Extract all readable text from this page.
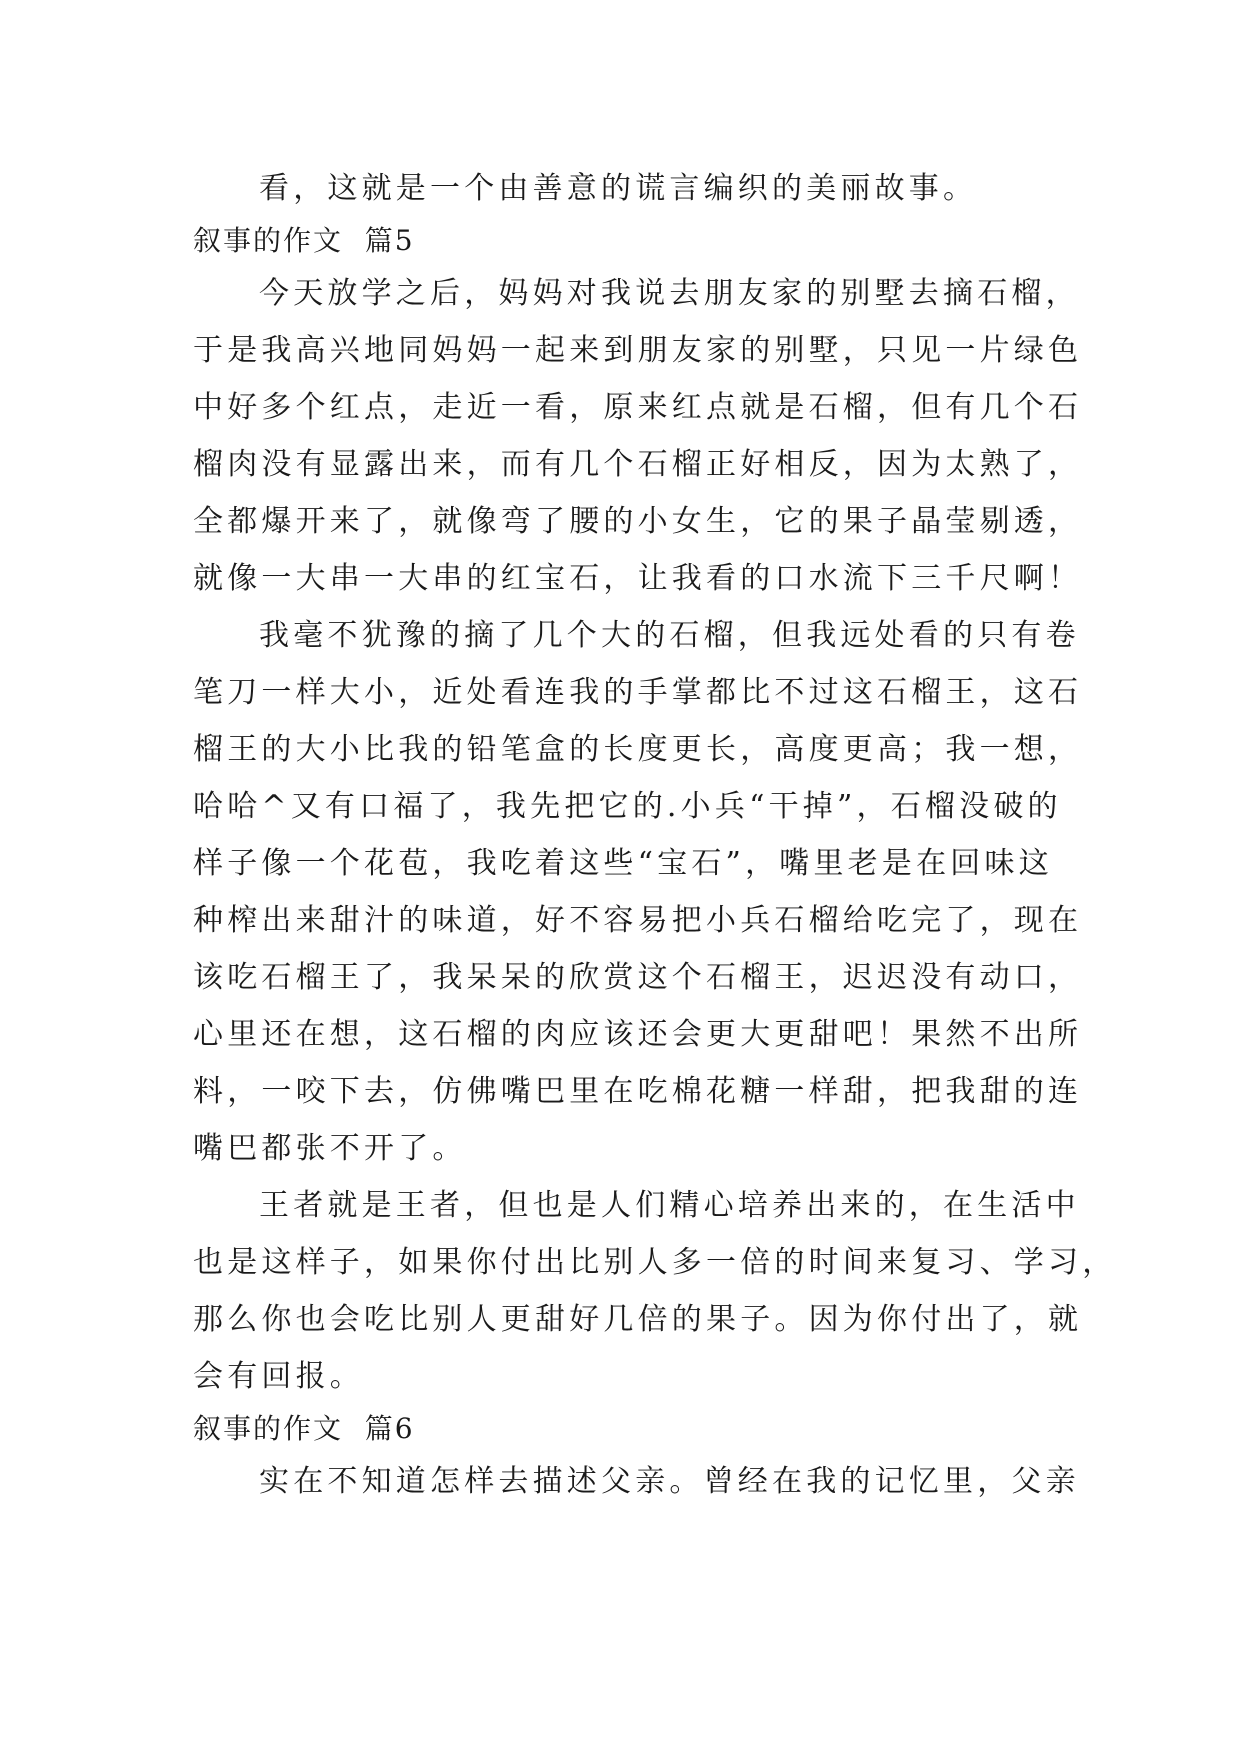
看，这就是一个由善意的谎言编织的美丽故事。
叙事的作文  篇5
今天放学之后，妈妈对我说去朋友家的别墅去摘石榴，
于是我高兴地同妈妈一起来到朋友家的别墅，只见一片绿色
中好多个红点，走近一看，原来红点就是石榴，但有几个石
榴肉没有显露出来，而有几个石榴正好相反，因为太熟了，
全都爆开来了，就像弯了腰的小女生，它的果子晶莹剔透，
就像一大串一大串的红宝石，让我看的口水流下三千尺啊！
我毫不犹豫的摘了几个大的石榴，但我远处看的只有卷
笔刀一样大小，近处看连我的手掌都比不过这石榴王，这石
榴王的大小比我的铅笔盒的长度更长，高度更高；我一想，
哈哈^又有口福了，我先把它的.小兵“干掉”，石榴没破的
样子像一个花苞，我吃着这些“宝石”，嘴里老是在回味这
种榨出来甜汁的味道，好不容易把小兵石榴给吃完了，现在
该吃石榴王了，我呆呆的欣赏这个石榴王，迟迟没有动口，
心里还在想，这石榴的肉应该还会更大更甜吧！果然不出所
料，一咬下去，仿佛嘴巴里在吃棉花糖一样甜，把我甜的连
嘴巴都张不开了。
王者就是王者，但也是人们精心培养出来的，在生活中
也是这样子，如果你付出比别人多一倍的时间来复习、学习，
那么你也会吃比别人更甜好几倍的果子。因为你付出了，就
会有回报。
叙事的作文  篇6
实在不知道怎样去描述父亲。曾经在我的记忆里，父亲
